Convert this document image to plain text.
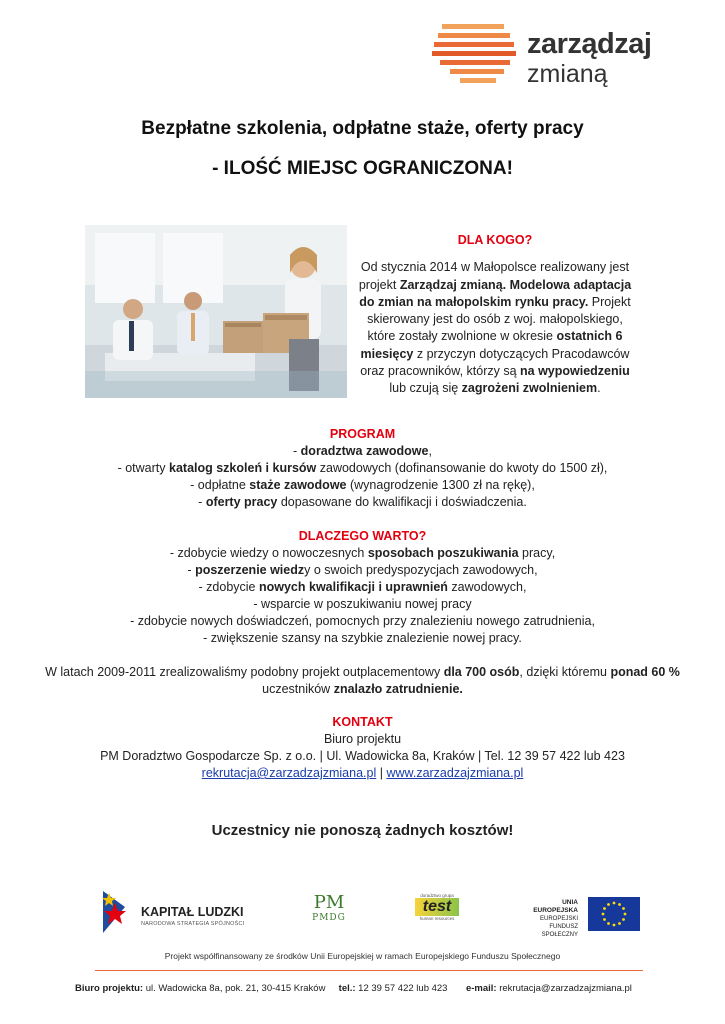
zarządzaj
zmianą
Bezpłatne szkolenia, odpłatne staże, oferty pracy
- ILOŚĆ MIEJSC OGRANICZONA!
DLA KOGO?
Od stycznia 2014 w Małopolsce realizowany jest projekt Zarządzaj zmianą. Modelowa adaptacja do zmian na małopolskim rynku pracy. Projekt skierowany jest do osób z woj. małopolskiego, które zostały zwolnione w okresie ostatnich 6 miesięcy z przyczyn dotyczących Pracodawców oraz pracowników, którzy są na wypowiedzeniu lub czują się zagrożeni zwolnieniem.
PROGRAM
- doradztwa zawodowe,
- otwarty katalog szkoleń i kursów zawodowych (dofinansowanie do kwoty do 1500 zł),
- odpłatne staże zawodowe (wynagrodzenie 1300 zł na rękę),
- oferty pracy dopasowane do kwalifikacji i doświadczenia.
DLACZEGO WARTO?
- zdobycie wiedzy o nowoczesnych sposobach poszukiwania pracy,
- poszerzenie wiedzy o swoich predyspozycjach zawodowych,
- zdobycie nowych kwalifikacji i uprawnień zawodowych,
- wsparcie w poszukiwaniu nowej pracy
- zdobycie nowych doświadczeń, pomocnych przy znalezieniu nowego zatrudnienia,
- zwiększenie szansy na szybkie znalezienie nowej pracy.
W latach 2009-2011 zrealizowaliśmy podobny projekt outplacementowy dla 700 osób, dzięki któremu ponad 60 % uczestników znalazło zatrudnienie.
KONTAKT
Biuro projektu
PM Doradztwo Gospodarcze Sp. z o.o. | Ul. Wadowicka 8a, Kraków | Tel. 12 39 57 422 lub 423
rekrutacja@zarzadzajzmiana.pl | www.zarzadzajzmiana.pl
Uczestnicy nie ponoszą żadnych kosztów!
KAPITAŁ LUDZKI
NARODOWA STRATEGIA SPÓJNOŚCI
PM
PMDG
doradztwo grupa
test
human resources
UNIA EUROPEJSKA
EUROPEJSKI
FUNDUSZ SPOŁECZNY
Projekt współfinansowany ze środków Unii Europejskiej w ramach Europejskiego Funduszu Społecznego
Biuro projektu: ul. Wadowicka 8a, pok. 21, 30-415 Kraków tel.: 12 39 57 422 lub 423 e-mail: rekrutacja@zarzadzajzmiana.pl
